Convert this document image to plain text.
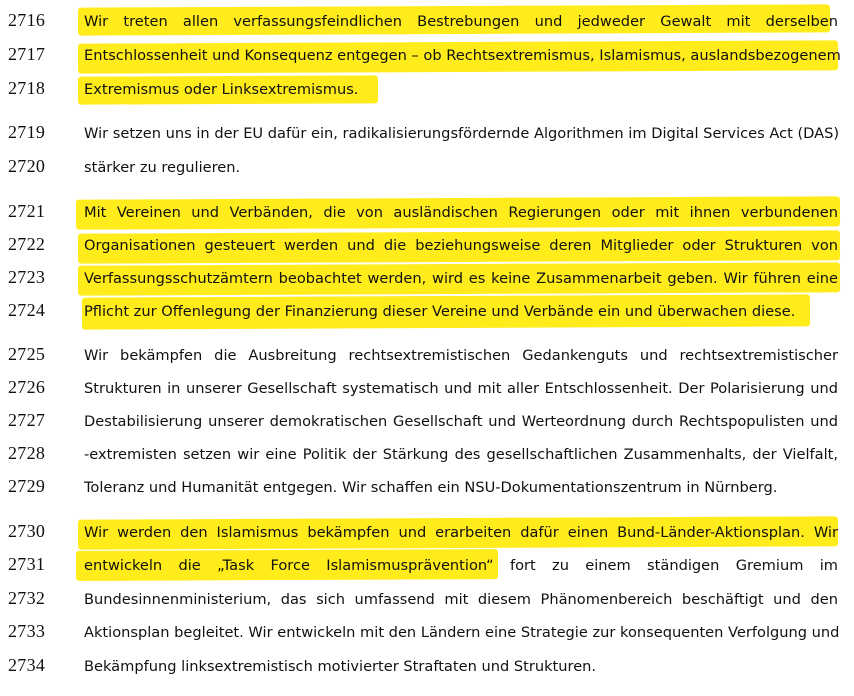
2716	Wir treten allen verfassungsfeindlichen Bestrebungen und jedweder Gewalt mit derselben
2717	Entschlossenheit und Konsequenz entgegen – ob Rechtsextremismus, Islamismus, auslandsbezogenem
2718	Extremismus oder Linksextremismus.
2719	Wir setzen uns in der EU dafür ein, radikalisierungsfördernde Algorithmen im Digital Services Act (DAS)
2720	stärker zu regulieren.
2721	Mit Vereinen und Verbänden, die von ausländischen Regierungen oder mit ihnen verbundenen
2722	Organisationen gesteuert werden und die beziehungsweise deren Mitglieder oder Strukturen von
2723	Verfassungsschutzämtern beobachtet werden, wird es keine Zusammenarbeit geben. Wir führen eine
2724	Pflicht zur Offenlegung der Finanzierung dieser Vereine und Verbände ein und überwachen diese.
2725	Wir bekämpfen die Ausbreitung rechtsextremistischen Gedankenguts und rechtsextremistischer
2726	Strukturen in unserer Gesellschaft systematisch und mit aller Entschlossenheit. Der Polarisierung und
2727	Destabilisierung unserer demokratischen Gesellschaft und Werteordnung durch Rechtspopulisten und
2728	-extremisten setzen wir eine Politik der Stärkung des gesellschaftlichen Zusammenhalts, der Vielfalt,
2729	Toleranz und Humanität entgegen. Wir schaffen ein NSU-Dokumentationszentrum in Nürnberg.
2730	Wir werden den Islamismus bekämpfen und erarbeiten dafür einen Bund-Länder-Aktionsplan. Wir
2731	entwickeln die „Task Force Islamismusprävention“ fort zu einem ständigen Gremium im
2732	Bundesinnenministerium, das sich umfassend mit diesem Phänomenbereich beschäftigt und den
2733	Aktionsplan begleitet. Wir entwickeln mit den Ländern eine Strategie zur konsequenten Verfolgung und
2734	Bekämpfung linksextremistisch motivierter Straftaten und Strukturen.
